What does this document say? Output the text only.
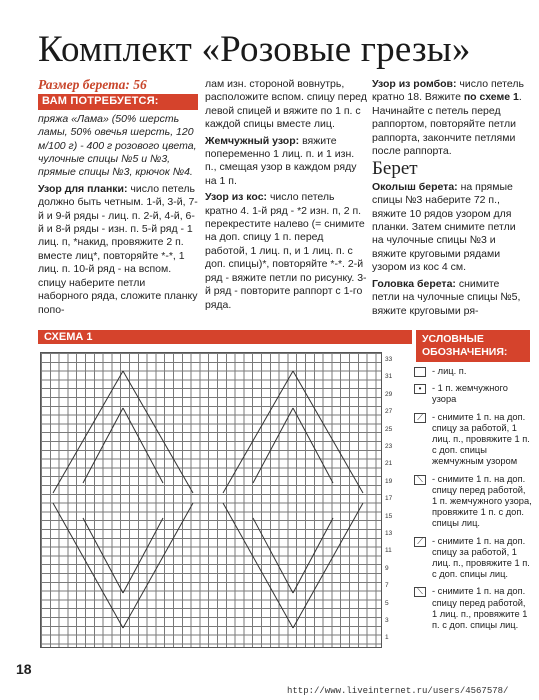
Комплект «Розовые грезы»
Размер берета: 56
ВАМ ПОТРЕБУЕТСЯ:

пряжа «Лама» (50% шерсть ламы, 50% овечья шерсть, 120 м/100 г) - 400 г розового цвета, чулочные спицы №5 и №3, прямые спицы №3, крючок №4.

Узор для планки: число петель должно быть четным. 1-й, 3-й, 7-й и 9-й ряды - лиц. п. 2-й, 4-й, 6-й и 8-й ряды - изн. п. 5-й ряд - 1 лиц. п, *накид, провяжите 2 п. вместе лиц*, повторяйте *-*, 1 лиц. п. 10-й ряд - на вспом. спицу наберите петли наборного ряда, сложите планку попо-

лам изн. стороной вовнутрь, расположите вспом. спицу перед левой спицей и вяжите по 1 п. с каждой спицы вместе лиц.

Жемчужный узор: вяжите попеременно 1 лиц. п. и 1 изн. п., смещая узор в каждом ряду на 1 п.

Узор из кос: число петель кратно 4. 1-й ряд - *2 изн. п, 2 п. перекрестите налево (= снимите на доп. спицу 1 п. перед работой, 1 лиц. п, и 1 лиц. п. с доп. спицы)*, повторяйте *-*. 2-й ряд - вяжите петли по рисунку. 3-й ряд - повторите раппорт с 1-го ряда.

Узор из ромбов: число петель кратно 18. Вяжите по схеме 1. Начинайте с петель перед раппортом, повторяйте петли раппорта, закончите петлями после раппорта.

Берет

Околыш берета: на прямые спицы №3 наберите 72 п., вяжите 10 рядов узором для планки. Затем снимите петли на чулочные спицы №3 и вяжите круговыми рядами узором из кос 4 см.

Головка берета: снимите петли на чулочные спицы №5, вяжите круговыми ря-

СХЕМА 1
33
31
29
27
25
23
21
19
17
15
13
11
9
7
5
3
1
УСЛОВНЫЕ ОБОЗНАЧЕНИЯ:
- лиц. п.
•	- 1 п. жемчужного узора
⟋ - снимите 1 п. на доп. спицу за работой, 1 лиц. п., провяжите 1 п. с доп. спицы жемчужным узором
⟍ - снимите 1 п. на доп. спицу перед работой, 1 п. жемчужного узора, провяжите 1 п. с доп. спицы лиц.
⟋ - снимите 1 п. на доп. спицу за работой, 1 лиц. п., провяжите 1 п. с доп. спицы лиц.
⟍ - снимите 1 п. на доп. спицу перед работой, 1 лиц. п., провяжите 1 п. с доп. спицы лиц.
18
http://www.liveinternet.ru/users/4567578/
